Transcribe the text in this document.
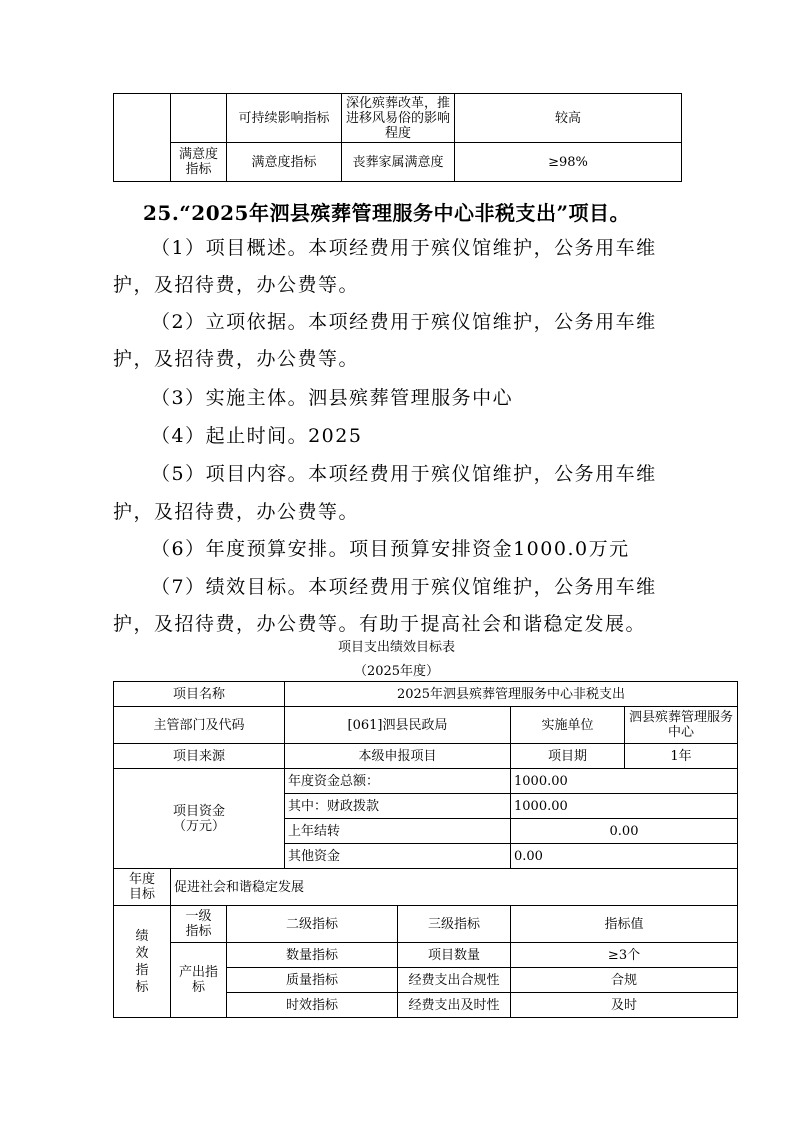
		可持续影响指标	深化殡葬改革，推进移风易俗的影响程度	较高
	满意度指标	满意度指标	丧葬家属满意度	≥98%

25.“2025年泗县殡葬管理服务中心非税支出”项目。

（1）项目概述。本项经费用于殡仪馆维护，公务用车维

护，及招待费，办公费等。

（2）立项依据。本项经费用于殡仪馆维护，公务用车维

护，及招待费，办公费等。

（3）实施主体。泗县殡葬管理服务中心

（4）起止时间。2025

（5）项目内容。本项经费用于殡仪馆维护，公务用车维

护，及招待费，办公费等。

（6）年度预算安排。项目预算安排资金1000.0万元

（7）绩效目标。本项经费用于殡仪馆维护，公务用车维

护，及招待费，办公费等。有助于提高社会和谐稳定发展。

项目支出绩效目标表

（2025年度）

项目名称			2025年泗县殡葬管理服务中心非税支出			
主管部门及代码			[061]泗县民政局		实施单位	泗县殡葬管理服务中心
项目来源			本级申报项目		项目期	1年

项目资金（万元）			年度资金总额：		1000.00	
			其中：财政拨款		1000.00	
			上年结转		0.00	
			其他资金		0.00	

年度目标	促进社会和谐稳定发展					

绩效指标	一级指标	二级指标		三级指标	指标值	

	产出指标	数量指标		项目数量	≥3个	
		质量指标		经费支出合规性	合规	
		时效指标		经费支出及时性	及时	
